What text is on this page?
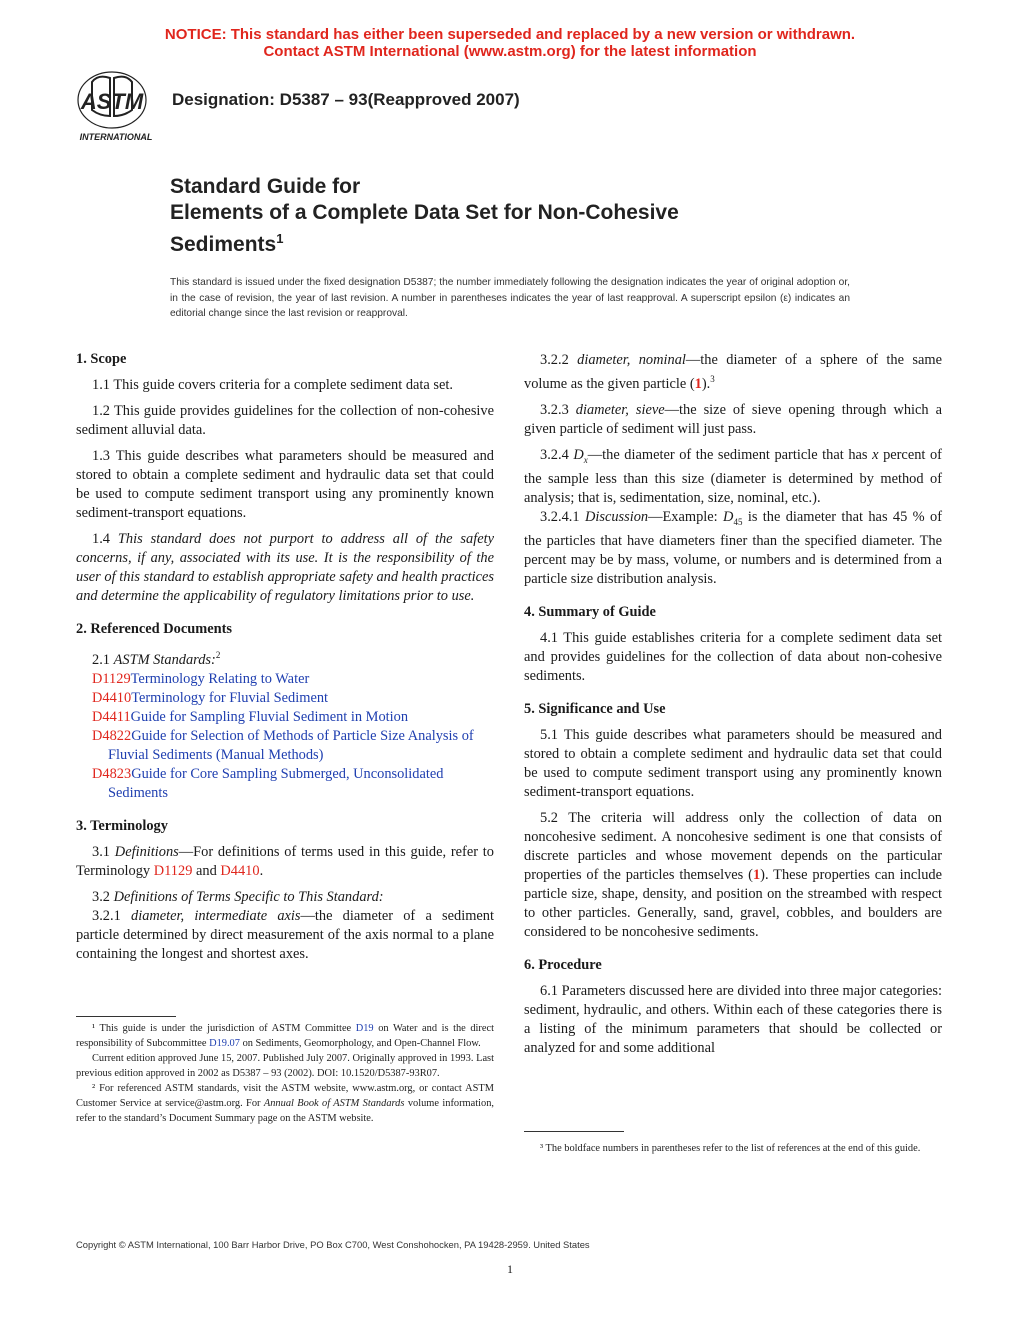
NOTICE: This standard has either been superseded and replaced by a new version or withdrawn.
Contact ASTM International (www.astm.org) for the latest information
ASTM
INTERNATIONAL
Designation: D5387 – 93(Reapproved 2007)
Standard Guide for
Elements of a Complete Data Set for Non-Cohesive
Sediments$^1$
This standard is issued under the fixed designation D5387; the number immediately following the designation indicates the year of original adoption or, in the case of revision, the year of last revision. A number in parentheses indicates the year of last reapproval. A superscript epsilon (ε) indicates an editorial change since the last revision or reapproval.

1. Scope

1.1 This guide covers criteria for a complete sediment data set.

1.2 This guide provides guidelines for the collection of non-cohesive sediment alluvial data.

1.3 This guide describes what parameters should be measured and stored to obtain a complete sediment and hydraulic data set that could be used to compute sediment transport using any prominently known sediment-transport equations.

1.4 This standard does not purport to address all of the safety concerns, if any, associated with its use. It is the responsibility of the user of this standard to establish appropriate safety and health practices and determine the applicability of regulatory limitations prior to use.

2. Referenced Documents

2.1 ASTM Standards:$^2$

D1129Terminology Relating to Water
D4410Terminology for Fluvial Sediment
D4411Guide for Sampling Fluvial Sediment in Motion
D4822Guide for Selection of Methods of Particle Size Analysis of Fluvial Sediments (Manual Methods)
D4823Guide for Core Sampling Submerged, Unconsolidated Sediments

3. Terminology

3.1 Definitions—For definitions of terms used in this guide, refer to Terminology D1129 and D4410.

3.2 Definitions of Terms Specific to This Standard:

3.2.1 diameter, intermediate axis—the diameter of a sediment particle determined by direct measurement of the axis normal to a plane containing the longest and shortest axes.

¹ This guide is under the jurisdiction of ASTM Committee D19 on Water and is the direct responsibility of Subcommittee D19.07 on Sediments, Geomorphology, and Open-Channel Flow.

Current edition approved June 15, 2007. Published July 2007. Originally approved in 1993. Last previous edition approved in 2002 as D5387 – 93 (2002). DOI: 10.1520/D5387-93R07.

² For referenced ASTM standards, visit the ASTM website, www.astm.org, or contact ASTM Customer Service at service@astm.org. For Annual Book of ASTM Standards volume information, refer to the standard’s Document Summary page on the ASTM website.

3.2.2 diameter, nominal—the diameter of a sphere of the same volume as the given particle (1).$^3$

3.2.3 diameter, sieve—the size of sieve opening through which a given particle of sediment will just pass.

3.2.4 $D_x—the$ diameter of the sediment particle that has x percent of the sample less than this size (diameter is determined by method of analysis; that is, sedimentation, size, nominal, etc.).

3.2.4.1 Discussion—Example: $D_{45}$ is the diameter that has 45 % of the particles that have diameters finer than the specified diameter. The percent may be by mass, volume, or numbers and is determined from a particle size distribution analysis.

4. Summary of Guide

4.1 This guide establishes criteria for a complete sediment data set and provides guidelines for the collection of data about non-cohesive sediments.

5. Significance and Use

5.1 This guide describes what parameters should be measured and stored to obtain a complete sediment and hydraulic data set that could be used to compute sediment transport using any prominently known sediment-transport equations.

5.2 The criteria will address only the collection of data on noncohesive sediment. A noncohesive sediment is one that consists of discrete particles and whose movement depends on the particular properties of the particles themselves (1). These properties can include particle size, shape, density, and position on the streambed with respect to other particles. Generally, sand, gravel, cobbles, and boulders are considered to be noncohesive sediments.

6. Procedure

6.1 Parameters discussed here are divided into three major categories: sediment, hydraulic, and others. Within each of these categories there is a listing of the minimum parameters that should be collected or analyzed for and some additional

³ The boldface numbers in parentheses refer to the list of references at the end of this guide.

Copyright © ASTM International, 100 Barr Harbor Drive, PO Box C700, West Conshohocken, PA 19428-2959. United States
1
